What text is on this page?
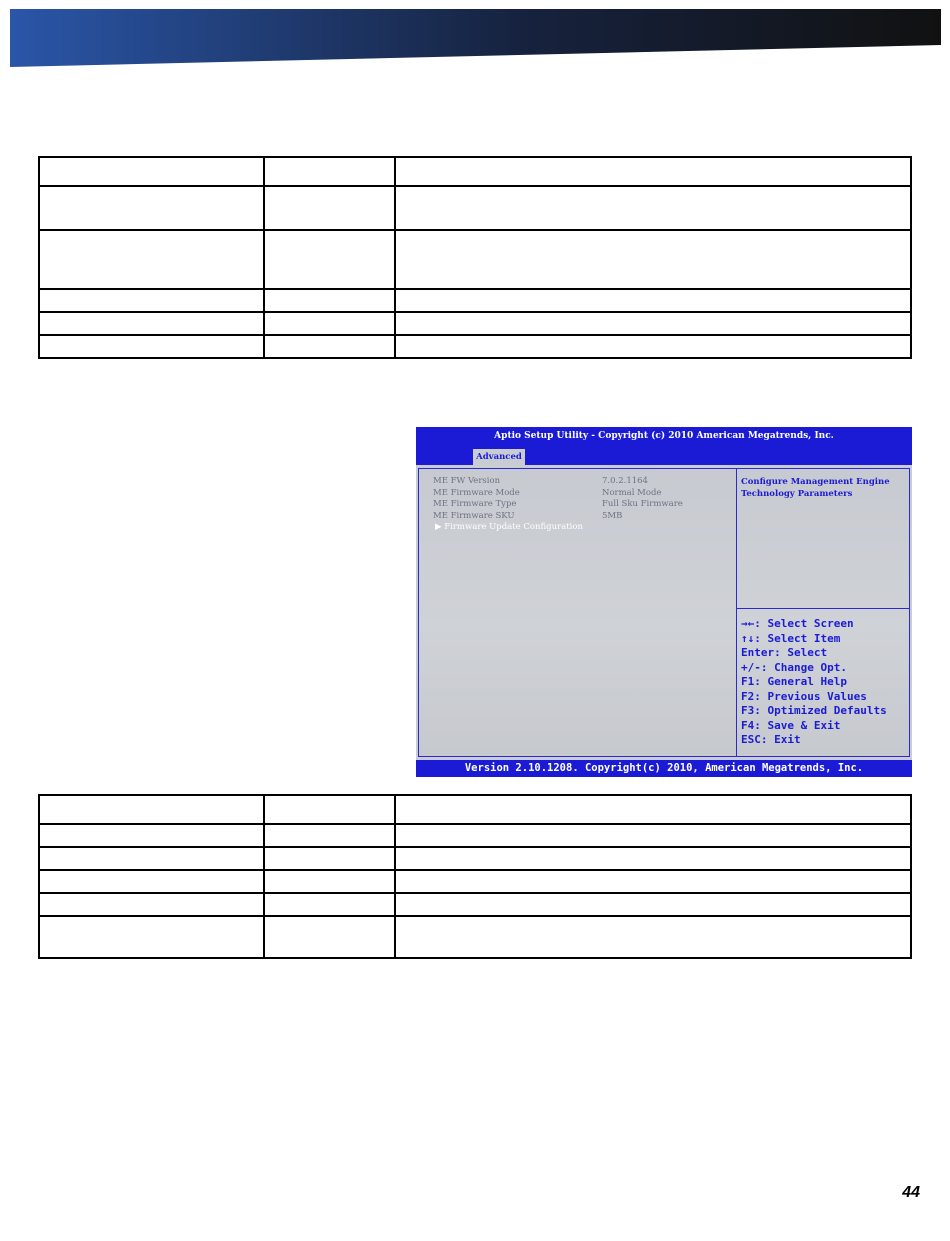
Aptio Setup Utility - Copyright (c) 2010 American Megatrends, Inc.
Advanced
ME FW Version	7.0.2.1164
ME Firmware Mode	Normal Mode
ME Firmware Type	Full Sku Firmware
ME Firmware SKU	5MB
▶ Firmware Update Configuration
Configure Management Engine Technology Parameters
→←: Select Screen
↑↓: Select Item
Enter: Select
+/-: Change Opt.
F1: General Help
F2: Previous Values
F3: Optimized Defaults
F4: Save & Exit
ESC: Exit
Version 2.10.1208. Copyright(c) 2010, American Megatrends, Inc.

44
